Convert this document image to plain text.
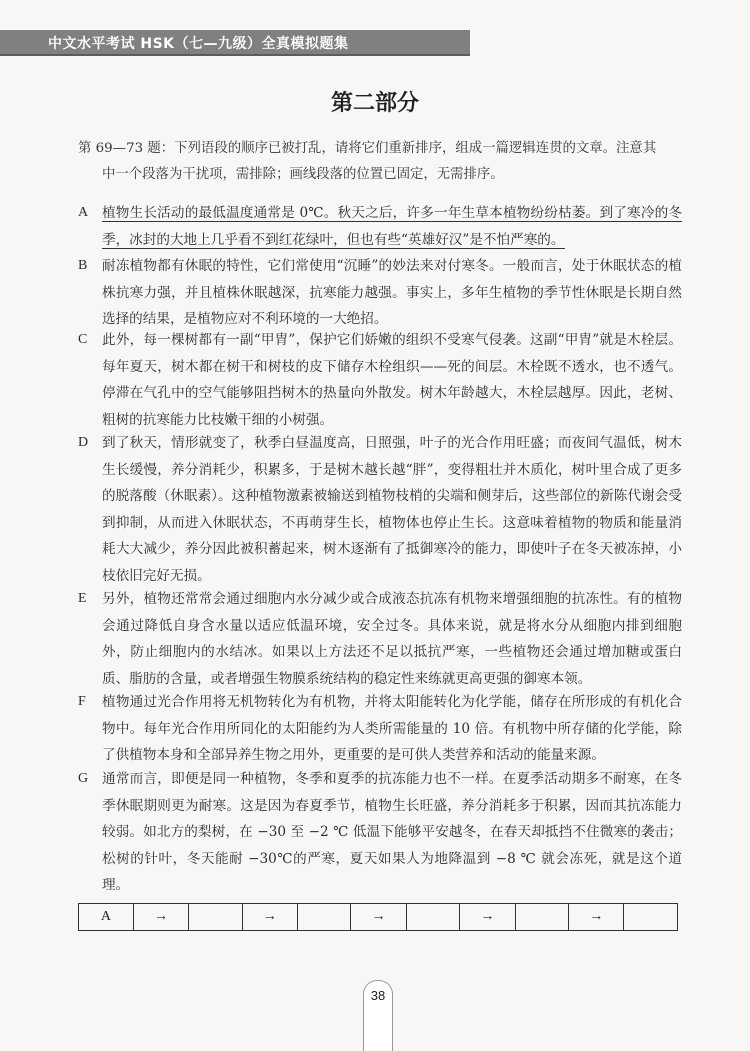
中文水平考试 HSK（七—九级）全真模拟题集
第二部分
第 69—73 题：下列语段的顺序已被打乱，请将它们重新排序，组成一篇逻辑连贯的文章。注意其
中一个段落为干扰项，需排除；画线段落的位置已固定，无需排序。
A 植物生长活动的最低温度通常是 0℃。秋天之后，许多一年生草本植物纷纷枯萎。到了寒冷的冬季，冰封的大地上几乎看不到红花绿叶，但也有些“英雄好汉”是不怕严寒的。
B 耐冻植物都有休眠的特性，它们常使用“沉睡”的妙法来对付寒冬。一般而言，处于休眠状态的植株抗寒力强，并且植株休眠越深，抗寒能力越强。事实上，多年生植物的季节性休眠是长期自然选择的结果，是植物应对不利环境的一大绝招。
C 此外，每一棵树都有一副“甲胄”，保护它们娇嫩的组织不受寒气侵袭。这副“甲胄”就是木栓层。每年夏天，树木都在树干和树枝的皮下储存木栓组织——死的间层。木栓既不透水，也不透气。停滞在气孔中的空气能够阻挡树木的热量向外散发。树木年龄越大，木栓层越厚。因此，老树、粗树的抗寒能力比枝嫩干细的小树强。
D 到了秋天，情形就变了，秋季白昼温度高，日照强，叶子的光合作用旺盛；而夜间气温低，树木生长缓慢，养分消耗少，积累多，于是树木越长越“胖”，变得粗壮并木质化，树叶里合成了更多的脱落酸（休眠素）。这种植物激素被输送到植物枝梢的尖端和侧芽后，这些部位的新陈代谢会受到抑制，从而进入休眠状态，不再萌芽生长，植物体也停止生长。这意味着植物的物质和能量消耗大大减少，养分因此被积蓄起来，树木逐渐有了抵御寒冷的能力，即使叶子在冬天被冻掉，小枝依旧完好无损。
E 另外，植物还常常会通过细胞内水分减少或合成液态抗冻有机物来增强细胞的抗冻性。有的植物会通过降低自身含水量以适应低温环境，安全过冬。具体来说，就是将水分从细胞内排到细胞外，防止细胞内的水结冰。如果以上方法还不足以抵抗严寒，一些植物还会通过增加糖或蛋白质、脂肪的含量，或者增强生物膜系统结构的稳定性来练就更高更强的御寒本领。
F 植物通过光合作用将无机物转化为有机物，并将太阳能转化为化学能，储存在所形成的有机化合物中。每年光合作用所同化的太阳能约为人类所需能量的 10 倍。有机物中所存储的化学能，除了供植物本身和全部异养生物之用外，更重要的是可供人类营养和活动的能量来源。
G 通常而言，即便是同一种植物，冬季和夏季的抗冻能力也不一样。在夏季活动期多不耐寒，在冬季休眠期则更为耐寒。这是因为春夏季节，植物生长旺盛，养分消耗多于积累，因而其抗冻能力较弱。如北方的梨树，在 −30 至 −2 ℃ 低温下能够平安越冬，在春天却抵挡不住微寒的袭击；松树的针叶，冬天能耐 −30℃的严寒，夏天如果人为地降温到 −8 ℃ 就会冻死，就是这个道理。
A	→		→		→		→		→	
38
